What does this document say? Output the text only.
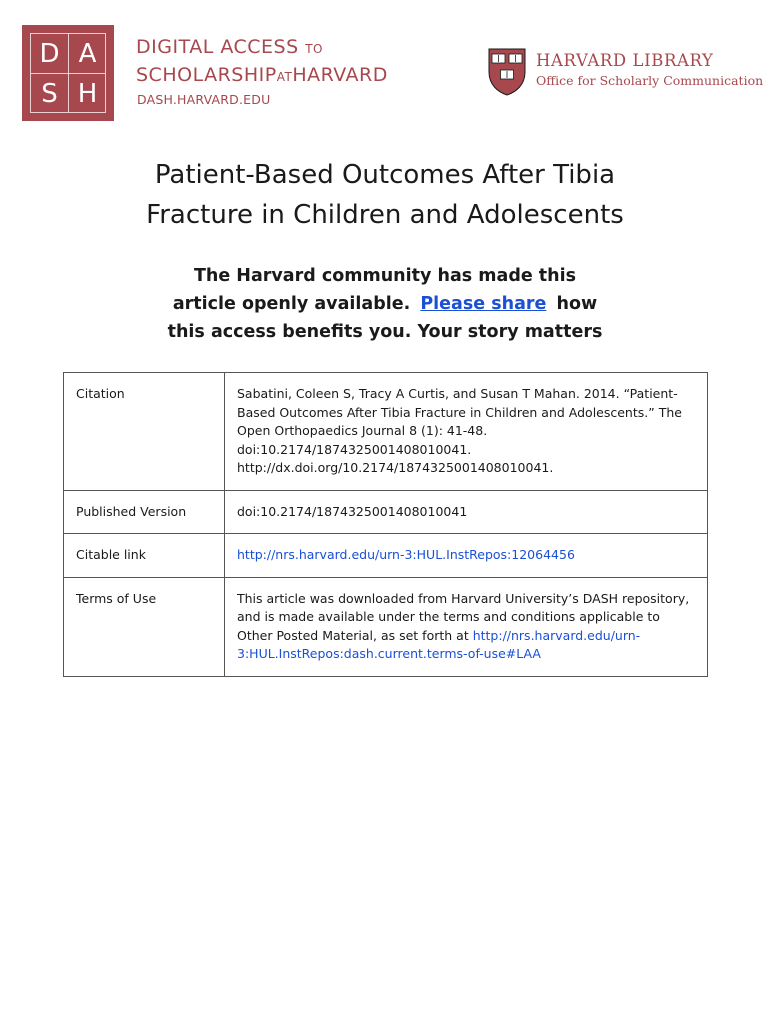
D A
S H
DIGITAL ACCESS TO
SCHOLARSHIPATHARVARD
DASH.HARVARD.EDU
HARVARD LIBRARY
Office for Scholarly Communication
Patient-Based Outcomes After Tibia
Fracture in Children and Adolescents
The Harvard community has made this
article openly available. Please share how
this access benefits you. Your story matters
Citation	Sabatini, Coleen S, Tracy A Curtis, and Susan T Mahan. 2014. “Patient-Based Outcomes After Tibia Fracture in Children and Adolescents.” The Open Orthopaedics Journal 8 (1): 41-48. doi:10.2174/1874325001408010041. http://dx.doi.org/10.2174/1874325001408010041.
Published Version	doi:10.2174/1874325001408010041
Citable link	http://nrs.harvard.edu/urn-3:HUL.InstRepos:12064456
Terms of Use	This article was downloaded from Harvard University’s DASH repository, and is made available under the terms and conditions applicable to Other Posted Material, as set forth at http://nrs.harvard.edu/urn-3:HUL.InstRepos:dash.current.terms-of-use#LAA
